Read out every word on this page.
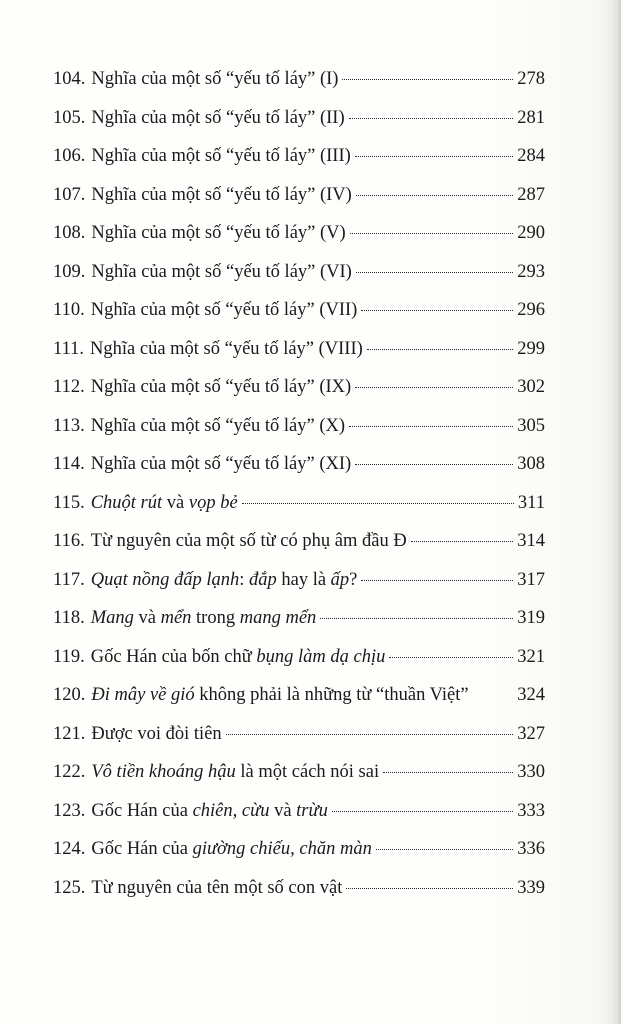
104. Nghĩa của một số “yếu tố láy” (I)	278
105. Nghĩa của một số “yếu tố láy” (II)	281
106. Nghĩa của một số “yếu tố láy” (III)	284
107. Nghĩa của một số “yếu tố láy” (IV)	287
108. Nghĩa của một số “yếu tố láy” (V)	290
109. Nghĩa của một số “yếu tố láy” (VI)	293
110. Nghĩa của một số “yếu tố láy” (VII)	296
111. Nghĩa của một số “yếu tố láy” (VIII)	299
112. Nghĩa của một số “yếu tố láy” (IX)	302
113. Nghĩa của một số “yếu tố láy” (X)	305
114. Nghĩa của một số “yếu tố láy” (XI)	308
115. Chuột rút và vọp bẻ	311
116. Từ nguyên của một số từ có phụ âm đầu Đ	314
117. Quạt nồng đấp lạnh: đắp hay là ấp?	317
118. Mang và mển trong mang mển	319
119. Gốc Hán của bốn chữ bụng làm dạ chịu	321
120. Đi mây về gió không phải là những từ “thuần Việt”	324
121. Được voi đòi tiên	327
122. Vô tiền khoáng hậu là một cách nói sai	330
123. Gốc Hán của chiên, cừu và trừu	333
124. Gốc Hán của giường chiếu, chăn màn	336
125. Từ nguyên của tên một số con vật	339
